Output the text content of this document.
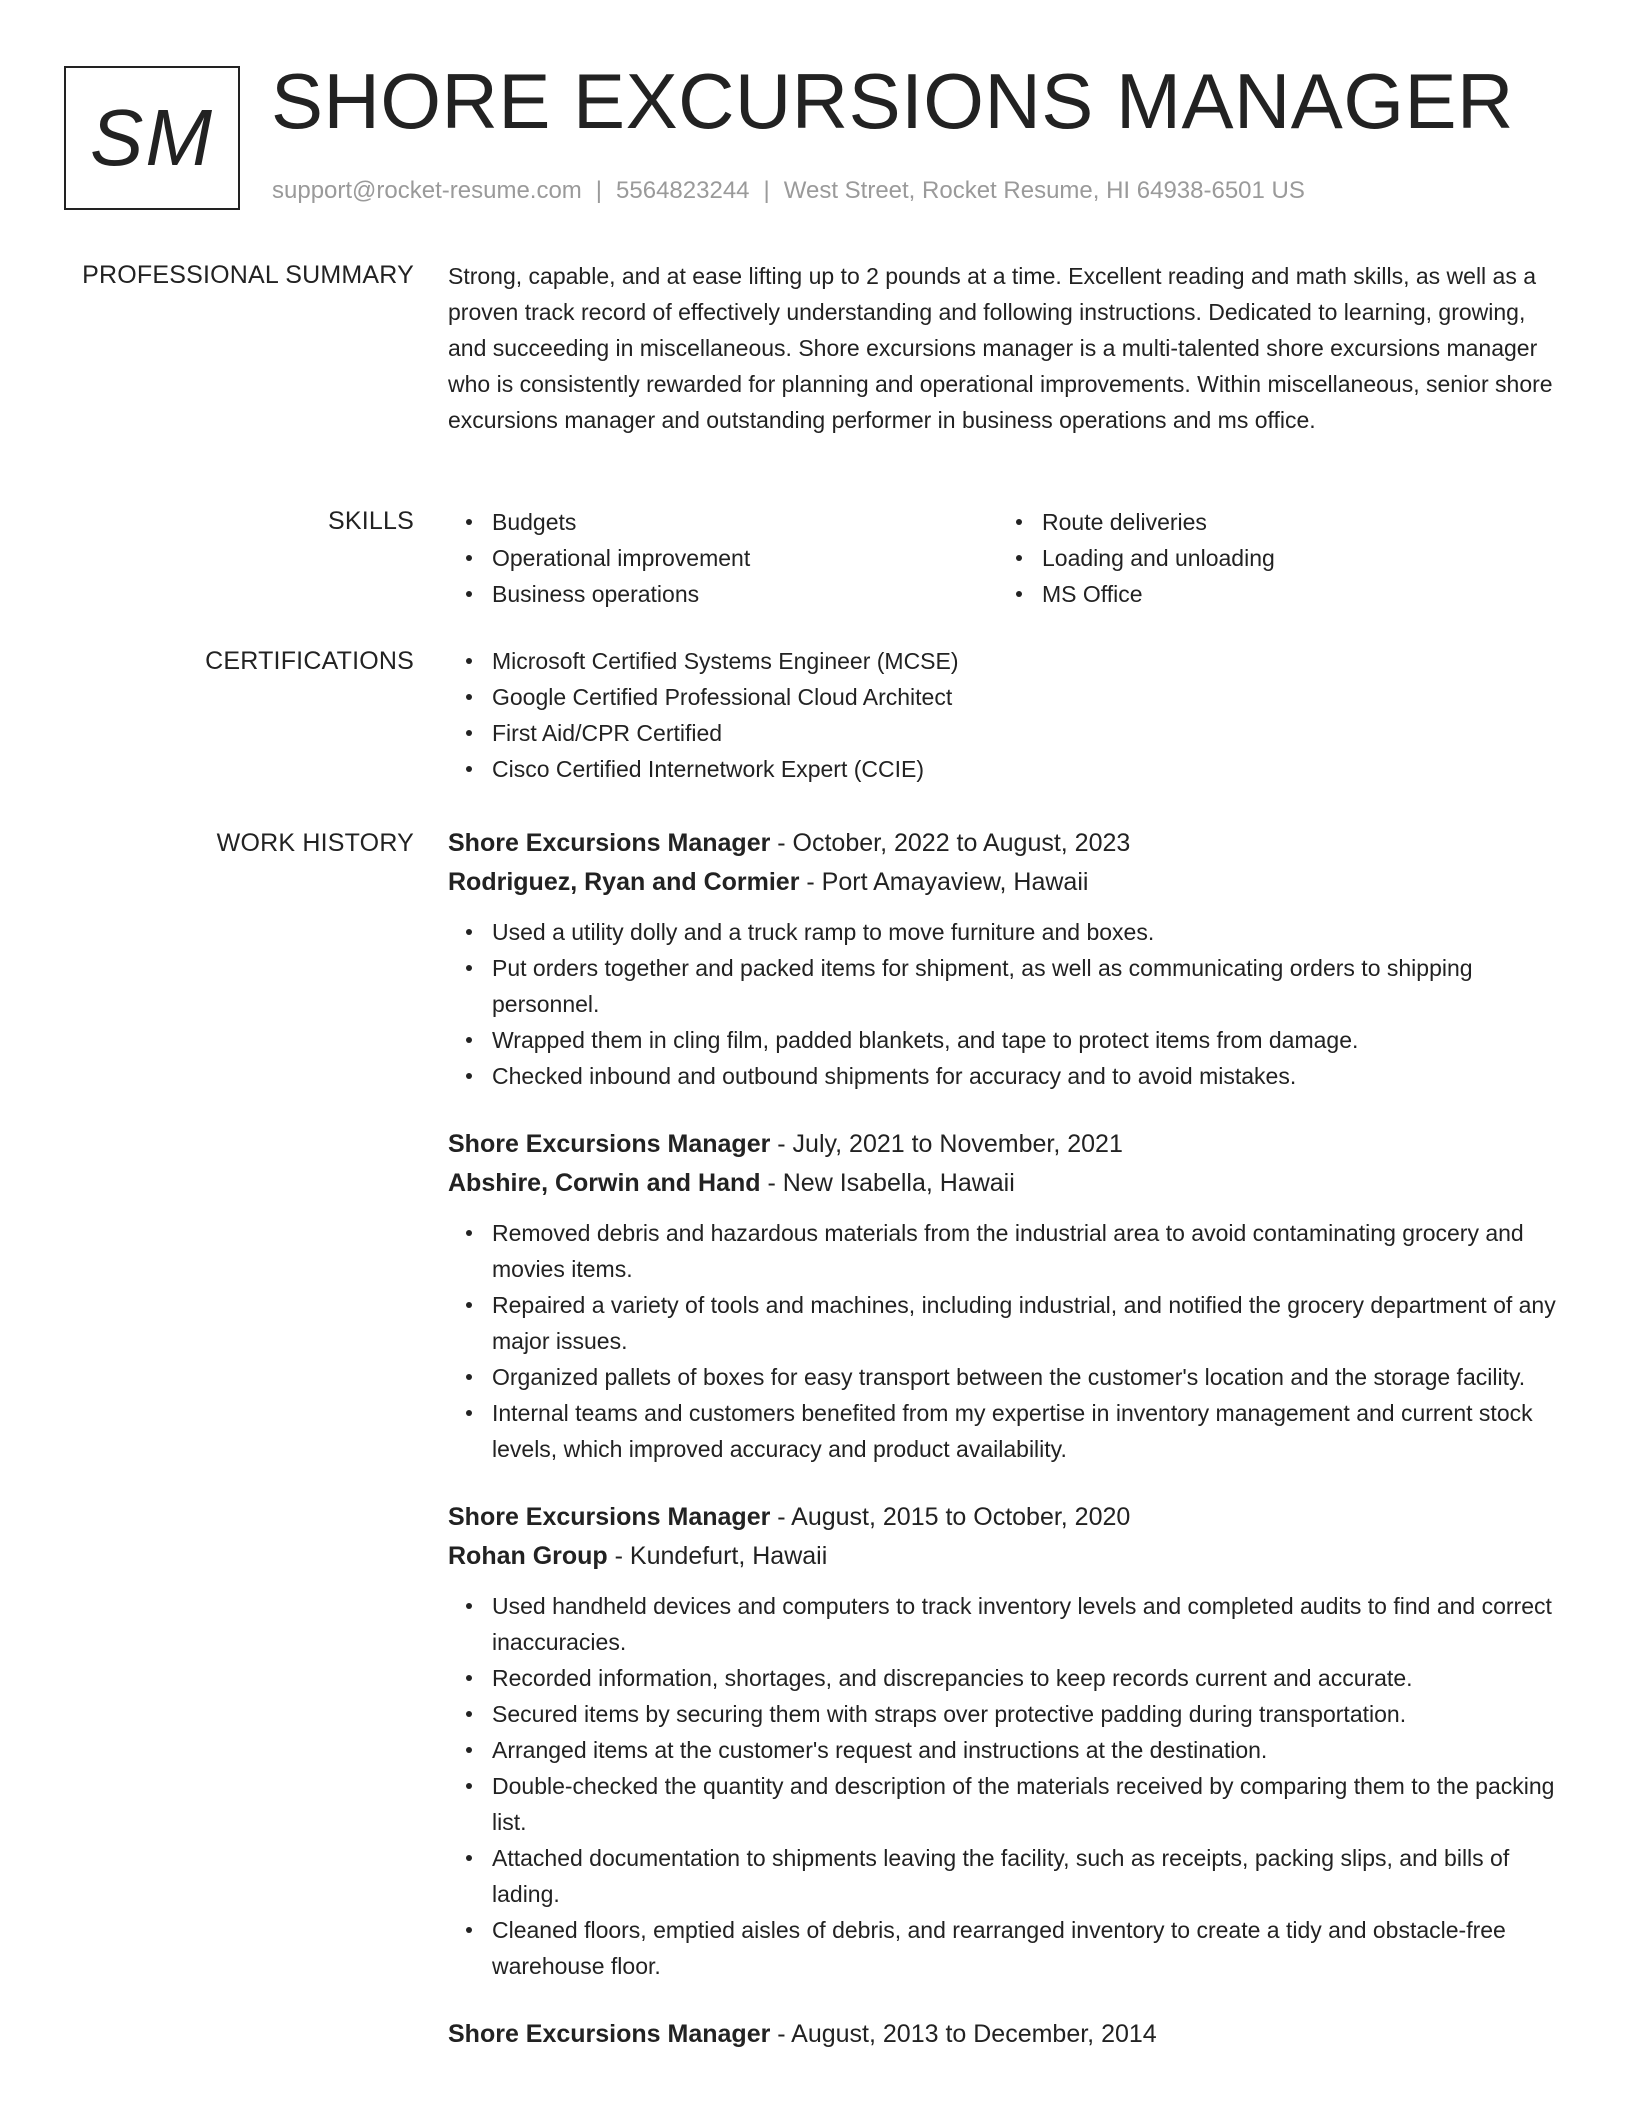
SM SHORE EXCURSIONS MANAGER
support@rocket-resume.com | 5564823244 | West Street, Rocket Resume, HI 64938-6501 US
PROFESSIONAL SUMMARY Strong, capable, and at ease lifting up to 2 pounds at a time. Excellent reading and math skills, as well as a proven track record of effectively understanding and following instructions. Dedicated to learning, growing, and succeeding in miscellaneous. Shore excursions manager is a multi-talented shore excursions manager who is consistently rewarded for planning and operational improvements. Within miscellaneous, senior shore excursions manager and outstanding performer in business operations and ms office.

SKILLS	Budgets
Operational improvement
Business operations
Route deliveries
Loading and unloading
MS Office
CERTIFICATIONS	Microsoft Certified Systems Engineer (MCSE)
Google Certified Professional Cloud Architect
First Aid/CPR Certified
Cisco Certified Internetwork Expert (CCIE)
WORK HISTORY Shore Excursions Manager - October, 2022 to August, 2023
Rodriguez, Ryan and Cormier - Port Amayaview, Hawaii
Used a utility dolly and a truck ramp to move furniture and boxes.
Put orders together and packed items for shipment, as well as communicating orders to shipping personnel.
Wrapped them in cling film, padded blankets, and tape to protect items from damage.
Checked inbound and outbound shipments for accuracy and to avoid mistakes.
Shore Excursions Manager - July, 2021 to November, 2021
Abshire, Corwin and Hand - New Isabella, Hawaii
Removed debris and hazardous materials from the industrial area to avoid contaminating grocery and movies items.
Repaired a variety of tools and machines, including industrial, and notified the grocery department of any major issues.
Organized pallets of boxes for easy transport between the customer's location and the storage facility.
Internal teams and customers benefited from my expertise in inventory management and current stock levels, which improved accuracy and product availability.
Shore Excursions Manager - August, 2015 to October, 2020
Rohan Group - Kundefurt, Hawaii
Used handheld devices and computers to track inventory levels and completed audits to find and correct inaccuracies.
Recorded information, shortages, and discrepancies to keep records current and accurate.
Secured items by securing them with straps over protective padding during transportation.
Arranged items at the customer's request and instructions at the destination.
Double-checked the quantity and description of the materials received by comparing them to the packing list.
Attached documentation to shipments leaving the facility, such as receipts, packing slips, and bills of lading.
Cleaned floors, emptied aisles of debris, and rearranged inventory to create a tidy and obstacle-free warehouse floor.
Shore Excursions Manager - August, 2013 to December, 2014
